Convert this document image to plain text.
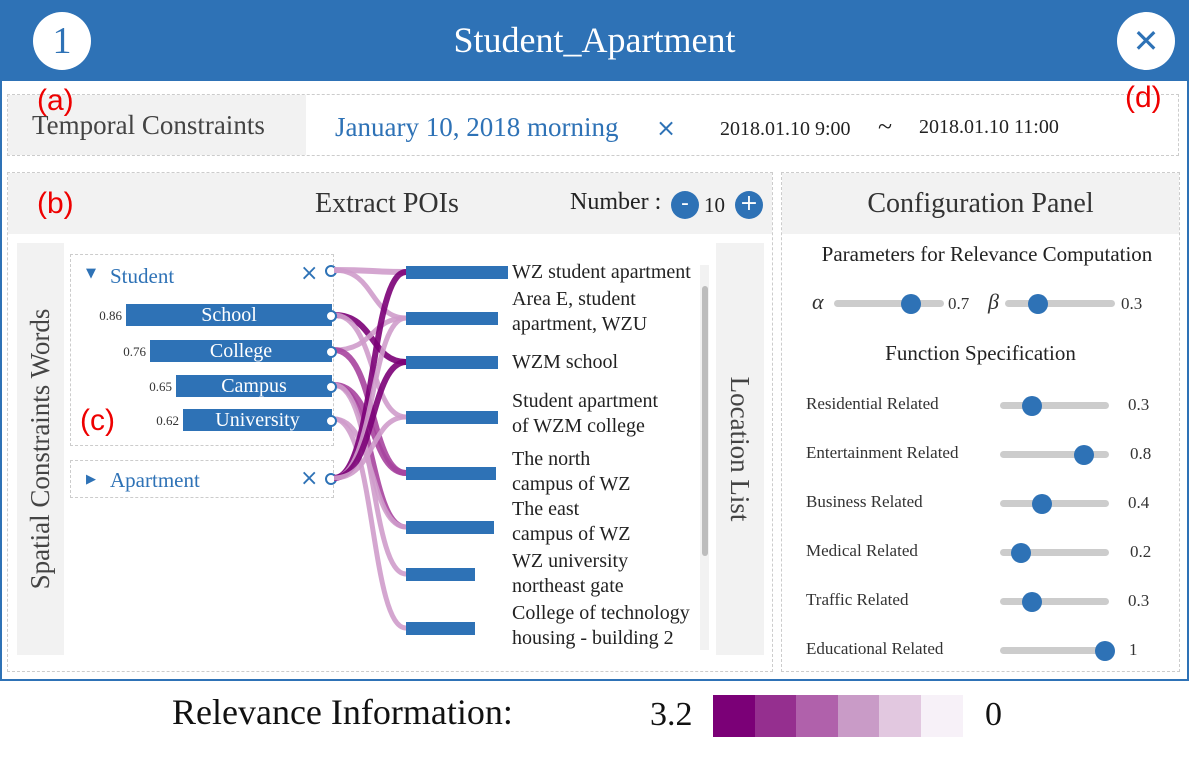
Student_Apartment
1	✕
Temporal Constraints
(a)	(d)
January 10, 2018 morning × 2018.01.10 9:00 ~ 2018.01.10 11:00
(b)	Extract POIs	Number : - 10 +
Spatial Constraints Words
▼ Student	×
▶ Apartment	×
(c)	Location List
Configuration Panel
Parameters for Relevance Computation
α	0.7 β	0.3
Function Specification
Relevance Information:	3.2	0
0.86	School
0.76	College
0.65	Campus
0.62	University
WZ student apartment
Area E, student
apartment, WZU
WZM school
Student apartment
of WZM college
The north
campus of WZ
The east
campus of WZ
WZ university
northeast gate
College of technology
housing - building 2
Residential Related	0.3
Entertainment Related	0.8
Business Related	0.4
Medical Related	0.2
Traffic Related	0.3
Educational Related	1
